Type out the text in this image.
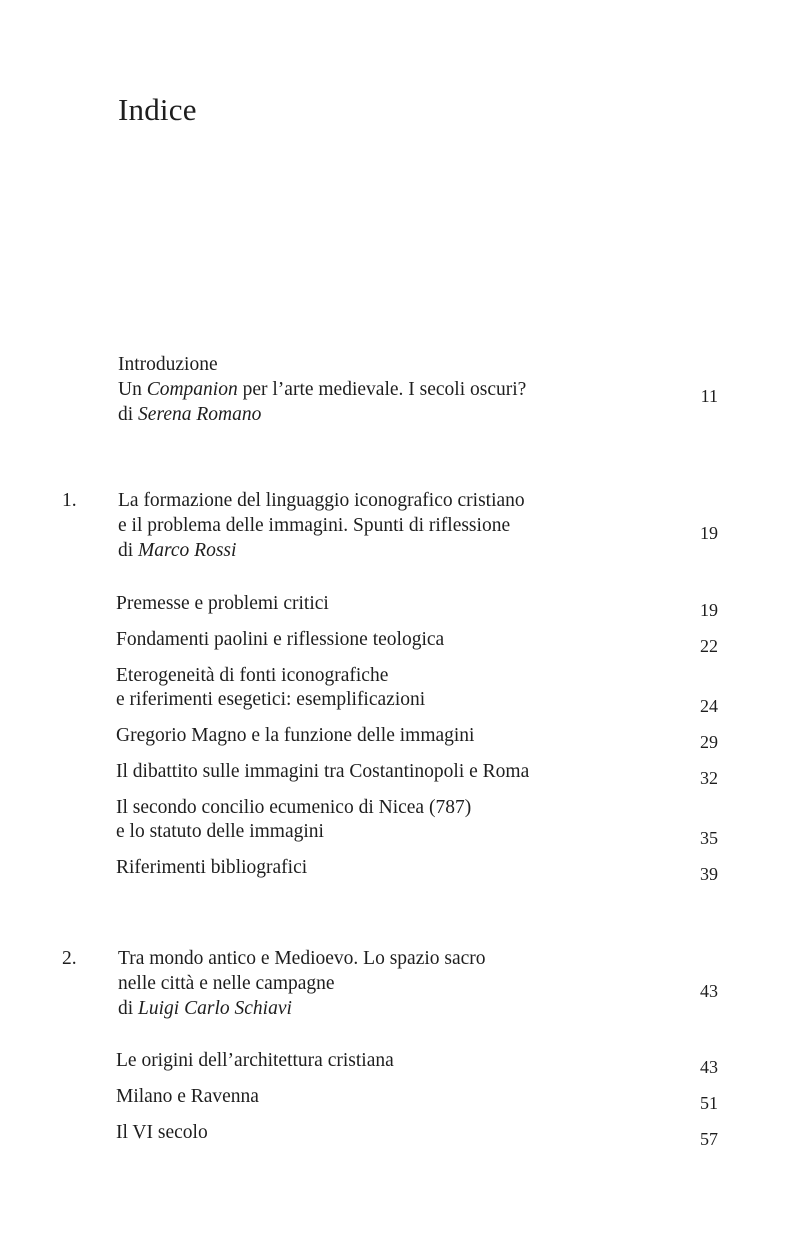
Indice
Introduzione
Un Companion per l’arte medievale. I secoli oscuri?
di Serena Romano
11
1. La formazione del linguaggio iconografico cristiano
e il problema delle immagini. Spunti di riflessione
di Marco Rossi
19
Premesse e problemi critici	19
Fondamenti paolini e riflessione teologica	22
Eterogeneità di fonti iconografiche
e riferimenti esegetici: esemplificazioni	24
Gregorio Magno e la funzione delle immagini	29
Il dibattito sulle immagini tra Costantinopoli e Roma	32
Il secondo concilio ecumenico di Nicea (787)
e lo statuto delle immagini	35
Riferimenti bibliografici	39
2. Tra mondo antico e Medioevo. Lo spazio sacro
nelle città e nelle campagne
di Luigi Carlo Schiavi
43
Le origini dell’architettura cristiana	43
Milano e Ravenna	51
Il VI secolo	57
